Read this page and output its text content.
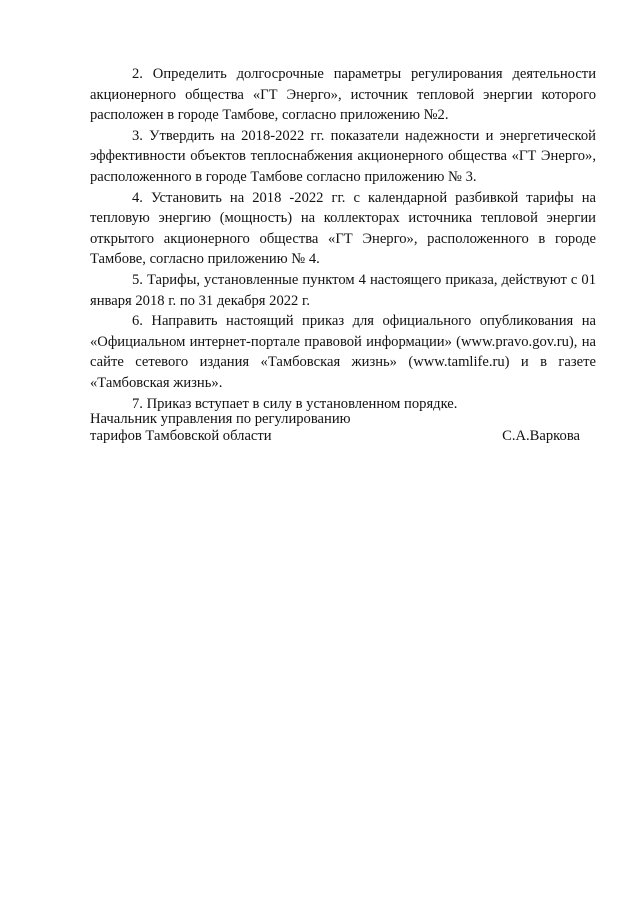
2. Определить долгосрочные параметры регулирования деятельности акционерного общества «ГТ Энерго», источник тепловой энергии которого расположен в городе Тамбове, согласно приложению №2.

3. Утвердить на 2018-2022 гг. показатели надежности и энергетической эффективности объектов теплоснабжения акционерного общества «ГТ Энерго», расположенного в городе Тамбове согласно приложению № 3.

4. Установить на 2018 -2022 гг. с календарной разбивкой тарифы на тепловую энергию (мощность) на коллекторах источника тепловой энергии открытого акционерного общества «ГТ Энерго», расположенного в городе Тамбове, согласно приложению № 4.

5. Тарифы, установленные пунктом 4 настоящего приказа, действуют с 01 января 2018 г. по 31 декабря 2022 г.

6. Направить настоящий приказ для официального опубликования на «Официальном интернет-портале правовой информации» (www.pravo.gov.ru), на сайте сетевого издания «Тамбовская жизнь» (www.tamlife.ru) и в газете «Тамбовская жизнь».

7. Приказ вступает в силу в установленном порядке.

Начальник управления по регулированию
тарифов Тамбовской области	С.А.Варкова
